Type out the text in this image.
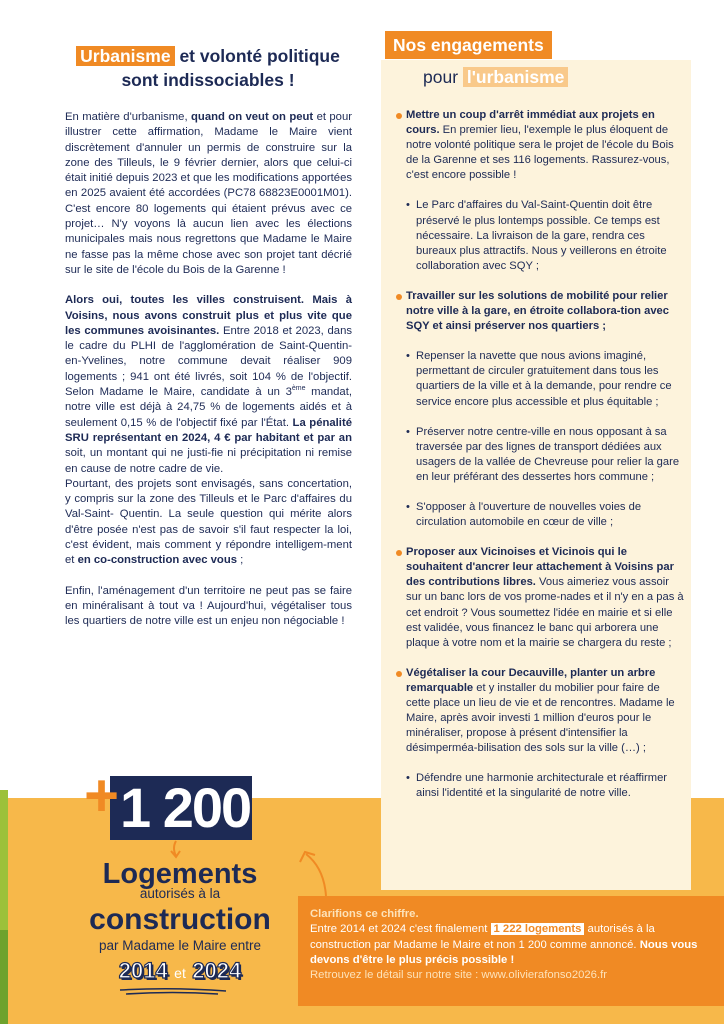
Urbanisme et volonté politique sont indissociables !

En matière d'urbanisme, quand on veut on peut et pour illustrer cette affirmation, Madame le Maire vient discrètement d'annuler un permis de construire sur la zone des Tilleuls, le 9 février dernier, alors que celui-ci était initié depuis 2023 et que les modifications apportées en 2025 avaient été accordées (PC78 68823E0001M01). C'est encore 80 logements qui étaient prévus avec ce projet… N'y voyons là aucun lien avec les élections municipales mais nous regrettons que Madame le Maire ne fasse pas la même chose avec son projet tant décrié sur le site de l'école du Bois de la Garenne !

Alors oui, toutes les villes construisent. Mais à Voisins, nous avons construit plus et plus vite que les communes avoisinantes. Entre 2018 et 2023, dans le cadre du PLHI de l'agglomération de Saint-Quentin-en-Yvelines, notre commune devait réaliser 909 logements ; 941 ont été livrés, soit 104 % de l'objectif. Selon Madame le Maire, candidate à un 3ème mandat, notre ville est déjà à 24,75 % de logements aidés et à seulement 0,15 % de l'objectif fixé par l'État. La pénalité SRU représentant en 2024, 4 € par habitant et par an soit, un montant qui ne justi-fie ni précipitation ni remise en cause de notre cadre de vie.

Pourtant, des projets sont envisagés, sans concertation, y compris sur la zone des Tilleuls et le Parc d'affaires du Val-Saint- Quentin. La seule question qui mérite alors d'être posée n'est pas de savoir s'il faut respecter la loi, c'est évident, mais comment y répondre intelligem-ment et en co-construction avec vous ;

Enfin, l'aménagement d'un territoire ne peut pas se faire en minéralisant à tout va ! Aujourd'hui, végétaliser tous les quartiers de notre ville est un enjeu non négociable !

Nos engagements
pour l'urbanisme
Mettre un coup d'arrêt immédiat aux projets en cours. En premier lieu, l'exemple le plus éloquent de notre volonté politique sera le projet de l'école du Bois de la Garenne et ses 116 logements. Rassurez-vous, c'est encore possible !
• Le Parc d'affaires du Val-Saint-Quentin doit être préservé le plus lontemps possible. Ce temps est nécessaire. La livraison de la gare, rendra ces bureaux plus attractifs. Nous y veillerons en étroite collaboration avec SQY ;
Travailler sur les solutions de mobilité pour relier notre ville à la gare, en étroite collabora-tion avec SQY et ainsi préserver nos quartiers ;
• Repenser la navette que nous avions imaginé, permettant de circuler gratuitement dans tous les quartiers de la ville et à la demande, pour rendre ce service encore plus accessible et plus équitable ;
• Préserver notre centre-ville en nous opposant à sa traversée par des lignes de transport dédiées aux usagers de la vallée de Chevreuse pour relier la gare en leur préférant des dessertes hors commune ;
• S'opposer à l'ouverture de nouvelles voies de circulation automobile en cœur de ville ;
Proposer aux Vicinoises et Vicinois qui le souhaitent d'ancrer leur attachement à Voisins par des contributions libres. Vous aimeriez vous assoir sur un banc lors de vos prome-nades et il n'y en a pas à cet endroit ? Vous soumettez l'idée en mairie et si elle est validée, vous financez le banc qui arborera une plaque à votre nom et la mairie se chargera du reste ;
Végétaliser la cour Decauville, planter un arbre remarquable et y installer du mobilier pour faire de cette place un lieu de vie et de rencontres. Madame le Maire, après avoir investi 1 million d'euros pour le minéraliser, propose à présent d'intensifier la désimperméa-bilisation des sols sur la ville (…) ;
• Défendre une harmonie architecturale et réaffirmer ainsi l'identité et la singularité de notre ville.
+ 1 200
Logements
autorisés à la
construction
par Madame le Maire entre
2014 et 2024
Clarifions ce chiffre.
Entre 2014 et 2024 c'est finalement 1 222 logements autorisés à la construction par Madame le Maire et non 1 200 comme annoncé. Nous vous devons d'être le plus précis possible !
Retrouvez le détail sur notre site : www.olivierafonso2026.fr
